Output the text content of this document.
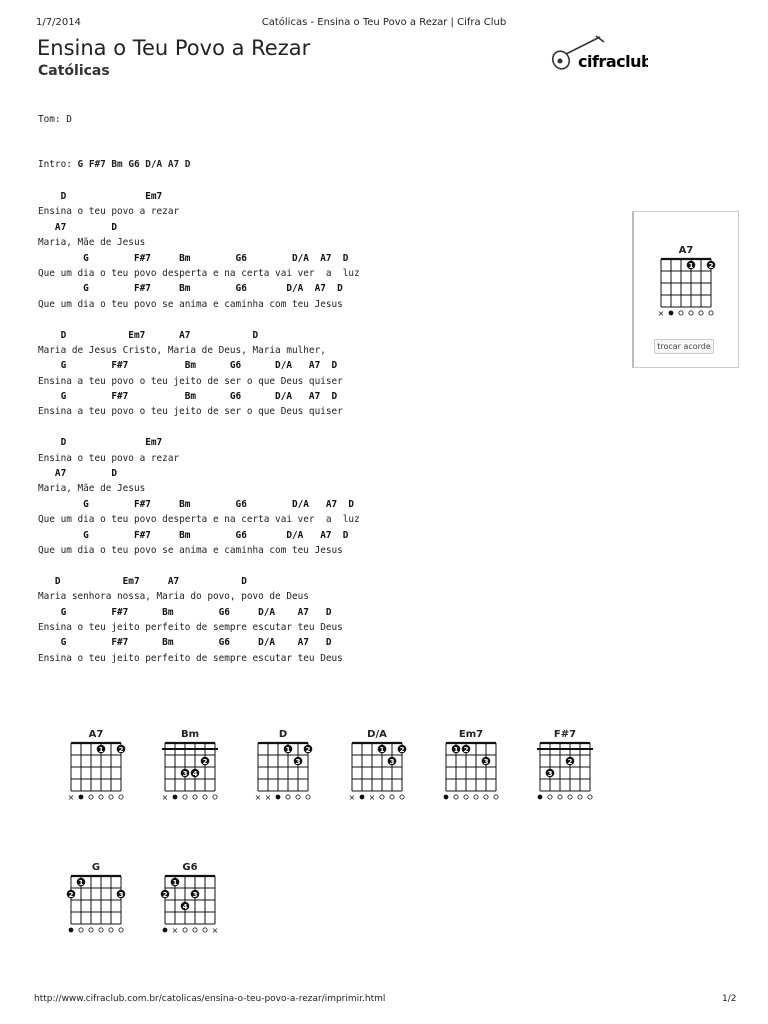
1/7/2014	Católicas - Ensina o Teu Povo a Rezar | Cifra Club
Ensina o Teu Povo a Rezar
Católicas	cifraclub
Tom: D
Intro: G F#7 Bm G6 D/A A7 D
D              Em7
Ensina o teu povo a rezar
A7        D
Maria, Mãe de Jesus
G        F#7     Bm        G6        D/A  A7  D
Que um dia o teu povo desperta e na certa vai ver  a  luz
G        F#7     Bm        G6       D/A  A7  D
Que um dia o teu povo se anima e caminha com teu Jesus
D           Em7      A7           D
Maria de Jesus Cristo, Maria de Deus, Maria mulher,
G        F#7          Bm      G6      D/A   A7  D
Ensina a teu povo o teu jeito de ser o que Deus quiser
G        F#7          Bm      G6      D/A   A7  D
Ensina a teu povo o teu jeito de ser o que Deus quiser
D              Em7
Ensina o teu povo a rezar
A7        D
Maria, Mãe de Jesus
G        F#7     Bm        G6        D/A   A7  D
Que um dia o teu povo desperta e na certa vai ver  a  luz
G        F#7     Bm        G6       D/A   A7  D
Que um dia o teu povo se anima e caminha com teu Jesus
D           Em7     A7           D
Maria senhora nossa, Maria do povo, povo de Deus
G        F#7      Bm        G6     D/A    A7   D
Ensina o teu jeito perfeito de sempre escutar teu Deus
G        F#7      Bm        G6     D/A    A7   D
Ensina o teu jeito perfeito de sempre escutar teu Deus
A7
1 2
×
trocar acorde
A7
1 2
×
Bm
2
3 4
×
D
1 2
3
× ×
D/A
1 2
3
× ×
Em7
1 2
3
F#7
2
3
G
1
2	3
G6
1
2	3
4
×	×
http://www.cifraclub.com.br/catolicas/ensina-o-teu-povo-a-rezar/imprimir.html	1/2
